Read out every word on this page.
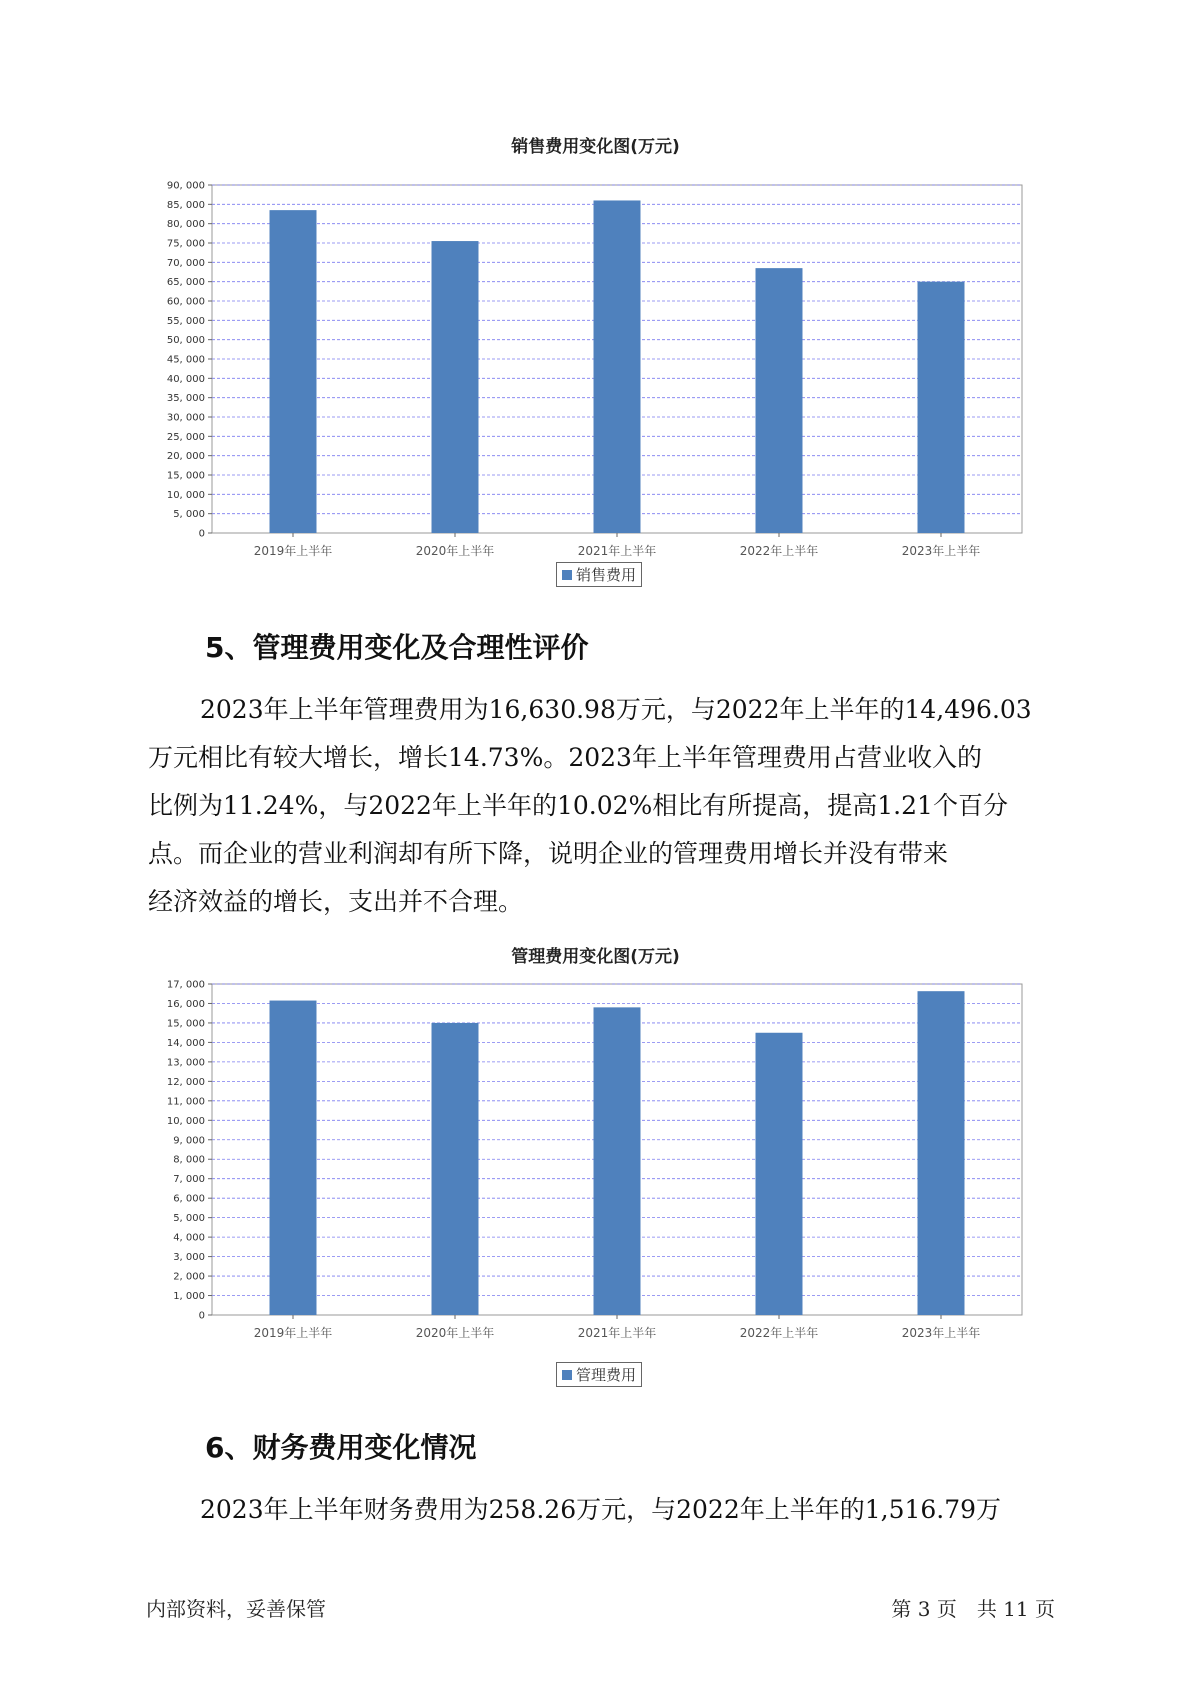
销售费用变化图(万元)
0
5, 000
10, 000
15, 000
20, 000
25, 000
30, 000
35, 000
40, 000
45, 000
50, 000
55, 000
60, 000
65, 000
70, 000
75, 000
80, 000
85, 000
90, 000
2019年上半年	2020年上半年	2021年上半年	2022年上半年	2023年上半年
销售费用
5、管理费用变化及合理性评价
2023年上半年管理费用为16,630.98万元，与2022年上半年的14,496.03
万元相比有较大增长，增长14.73%。2023年上半年管理费用占营业收入的
比例为11.24%，与2022年上半年的10.02%相比有所提高，提高1.21个百分
点。而企业的营业利润却有所下降，说明企业的管理费用增长并没有带来
经济效益的增长，支出并不合理。
管理费用变化图(万元)
0
1, 000
2, 000
3, 000
4, 000
5, 000
6, 000
7, 000
8, 000
9, 000
10, 000
11, 000
12, 000
13, 000
14, 000
15, 000
16, 000
17, 000
2019年上半年	2020年上半年	2021年上半年	2022年上半年	2023年上半年
管理费用
6、财务费用变化情况
2023年上半年财务费用为258.26万元，与2022年上半年的1,516.79万
内部资料，妥善保管	第 3 页　共 11 页
